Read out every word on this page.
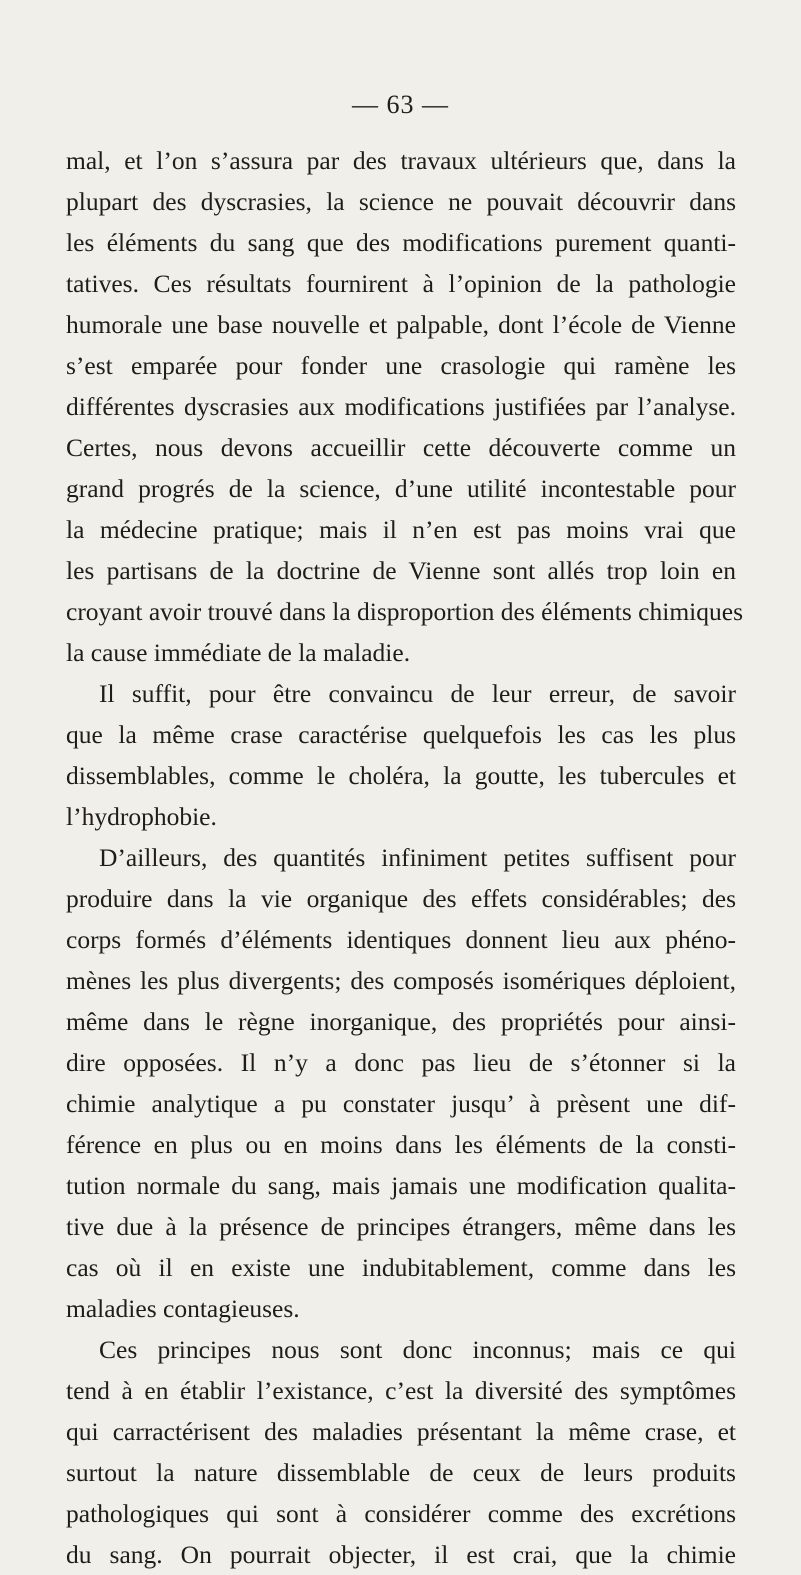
— 63 —
mal, et l’on s’assura par des travaux ultérieurs que, dans la
plupart des dyscrasies, la science ne pouvait découvrir dans
les éléments du sang que des modifications purement quanti-
tatives. Ces résultats fournirent à l’opinion de la pathologie
humorale une base nouvelle et palpable, dont l’école de Vienne
s’est emparée pour fonder une crasologie qui ramène les
différentes dyscrasies aux modifications justifiées par l’analyse.
Certes, nous devons accueillir cette découverte comme un
grand progrés de la science, d’une utilité incontestable pour
la médecine pratique; mais il n’en est pas moins vrai que
les partisans de la doctrine de Vienne sont allés trop loin en
croyant avoir trouvé dans la disproportion des éléments chimiques
la cause immédiate de la maladie.
Il suffit, pour être convaincu de leur erreur, de savoir
que la même crase caractérise quelquefois les cas les plus
dissemblables, comme le choléra, la goutte, les tubercules et
l’hydrophobie.
D’ailleurs, des quantités infiniment petites suffisent pour
produire dans la vie organique des effets considérables; des
corps formés d’éléments identiques donnent lieu aux phéno-
mènes les plus divergents; des composés isomériques déploient,
même dans le règne inorganique, des propriétés pour ainsi-
dire opposées. Il n’y a donc pas lieu de s’étonner si la
chimie analytique a pu constater jusqu’ à prèsent une dif-
férence en plus ou en moins dans les éléments de la consti-
tution normale du sang, mais jamais une modification qualita-
tive due à la présence de principes étrangers, même dans les
cas où il en existe une indubitablement, comme dans les
maladies contagieuses.
Ces principes nous sont donc inconnus; mais ce qui
tend à en établir l’existance, c’est la diversité des symptômes
qui carractérisent des maladies présentant la même crase, et
surtout la nature dissemblable de ceux de leurs produits
pathologiques qui sont à considérer comme des excrétions
du sang. On pourrait objecter, il est crai, que la chimie
